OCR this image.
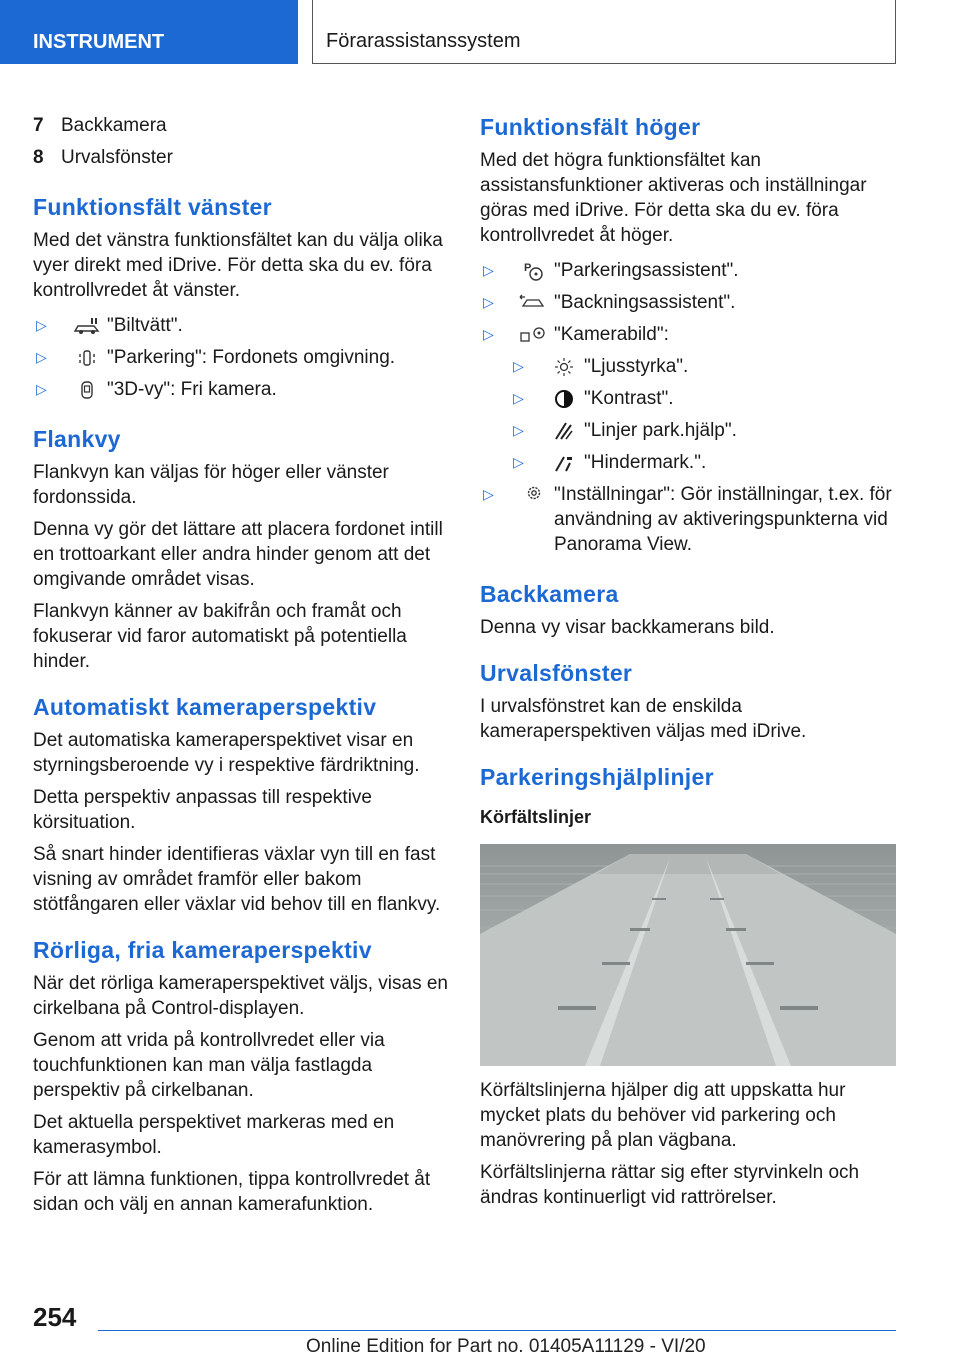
INSTRUMENT	Förarassistanssystem
7 Backkamera
8 Urvalsfönster
Funktionsfält vänster

Med det vänstra funktionsfältet kan du välja olika vyer direkt med iDrive. För detta ska du ev. föra kontrollvredet åt vänster.

▷	"Biltvätt".
▷	"Parkering": Fordonets omgivning.
▷	"3D-vy": Fri kamera.
Flankvy

Flankvyn kan väljas för höger eller vänster fordonssida.

Denna vy gör det lättare att placera fordonet intill en trottoarkant eller andra hinder genom att det omgivande området visas.

Flankvyn känner av bakifrån och framåt och fokuserar vid faror automatiskt på potentiella hinder.

Automatiskt kameraperspektiv

Det automatiska kameraperspektivet visar en styrningsberoende vy i respektive färdriktning.

Detta perspektiv anpassas till respektive körsituation.

Så snart hinder identifieras växlar vyn till en fast visning av området framför eller bakom stötfångaren eller växlar vid behov till en flankvy.

Rörliga, fria kameraperspektiv

När det rörliga kameraperspektivet väljs, visas en cirkelbana på Control-displayen.

Genom att vrida på kontrollvredet eller via touchfunktionen kan man välja fastlagda perspektiv på cirkelbanan.

Det aktuella perspektivet markeras med en kamerasymbol.

För att lämna funktionen, tippa kontrollvredet åt sidan och välj en annan kamerafunktion.

Funktionsfält höger

Med det högra funktionsfältet kan assistansfunktioner aktiveras och inställningar göras med iDrive. För detta ska du ev. föra kontrollvredet åt höger.

▷	P "Parkeringsassistent".
▷	"Backningsassistent".
▷	"Kamerabild":
▷	"Ljusstyrka".
▷	"Kontrast".
▷	"Linjer park.hjälp".
▷	"Hindermark.".
▷	"Inställningar": Gör inställningar, t.ex. för användning av aktiveringspunkterna vid Panorama View.
Backkamera

Denna vy visar backkamerans bild.

Urvalsfönster

I urvalsfönstret kan de enskilda kameraperspektiven väljas med iDrive.

Parkeringshjälplinjer
Körfältslinjer

Körfältslinjerna hjälper dig att uppskatta hur mycket plats du behöver vid parkering och manövrering på plan vägbana.

Körfältslinjerna rättar sig efter styrvinkeln och ändras kontinuerligt vid rattrörelser.

254
Online Edition for Part no. 01405A11129 - VI/20
